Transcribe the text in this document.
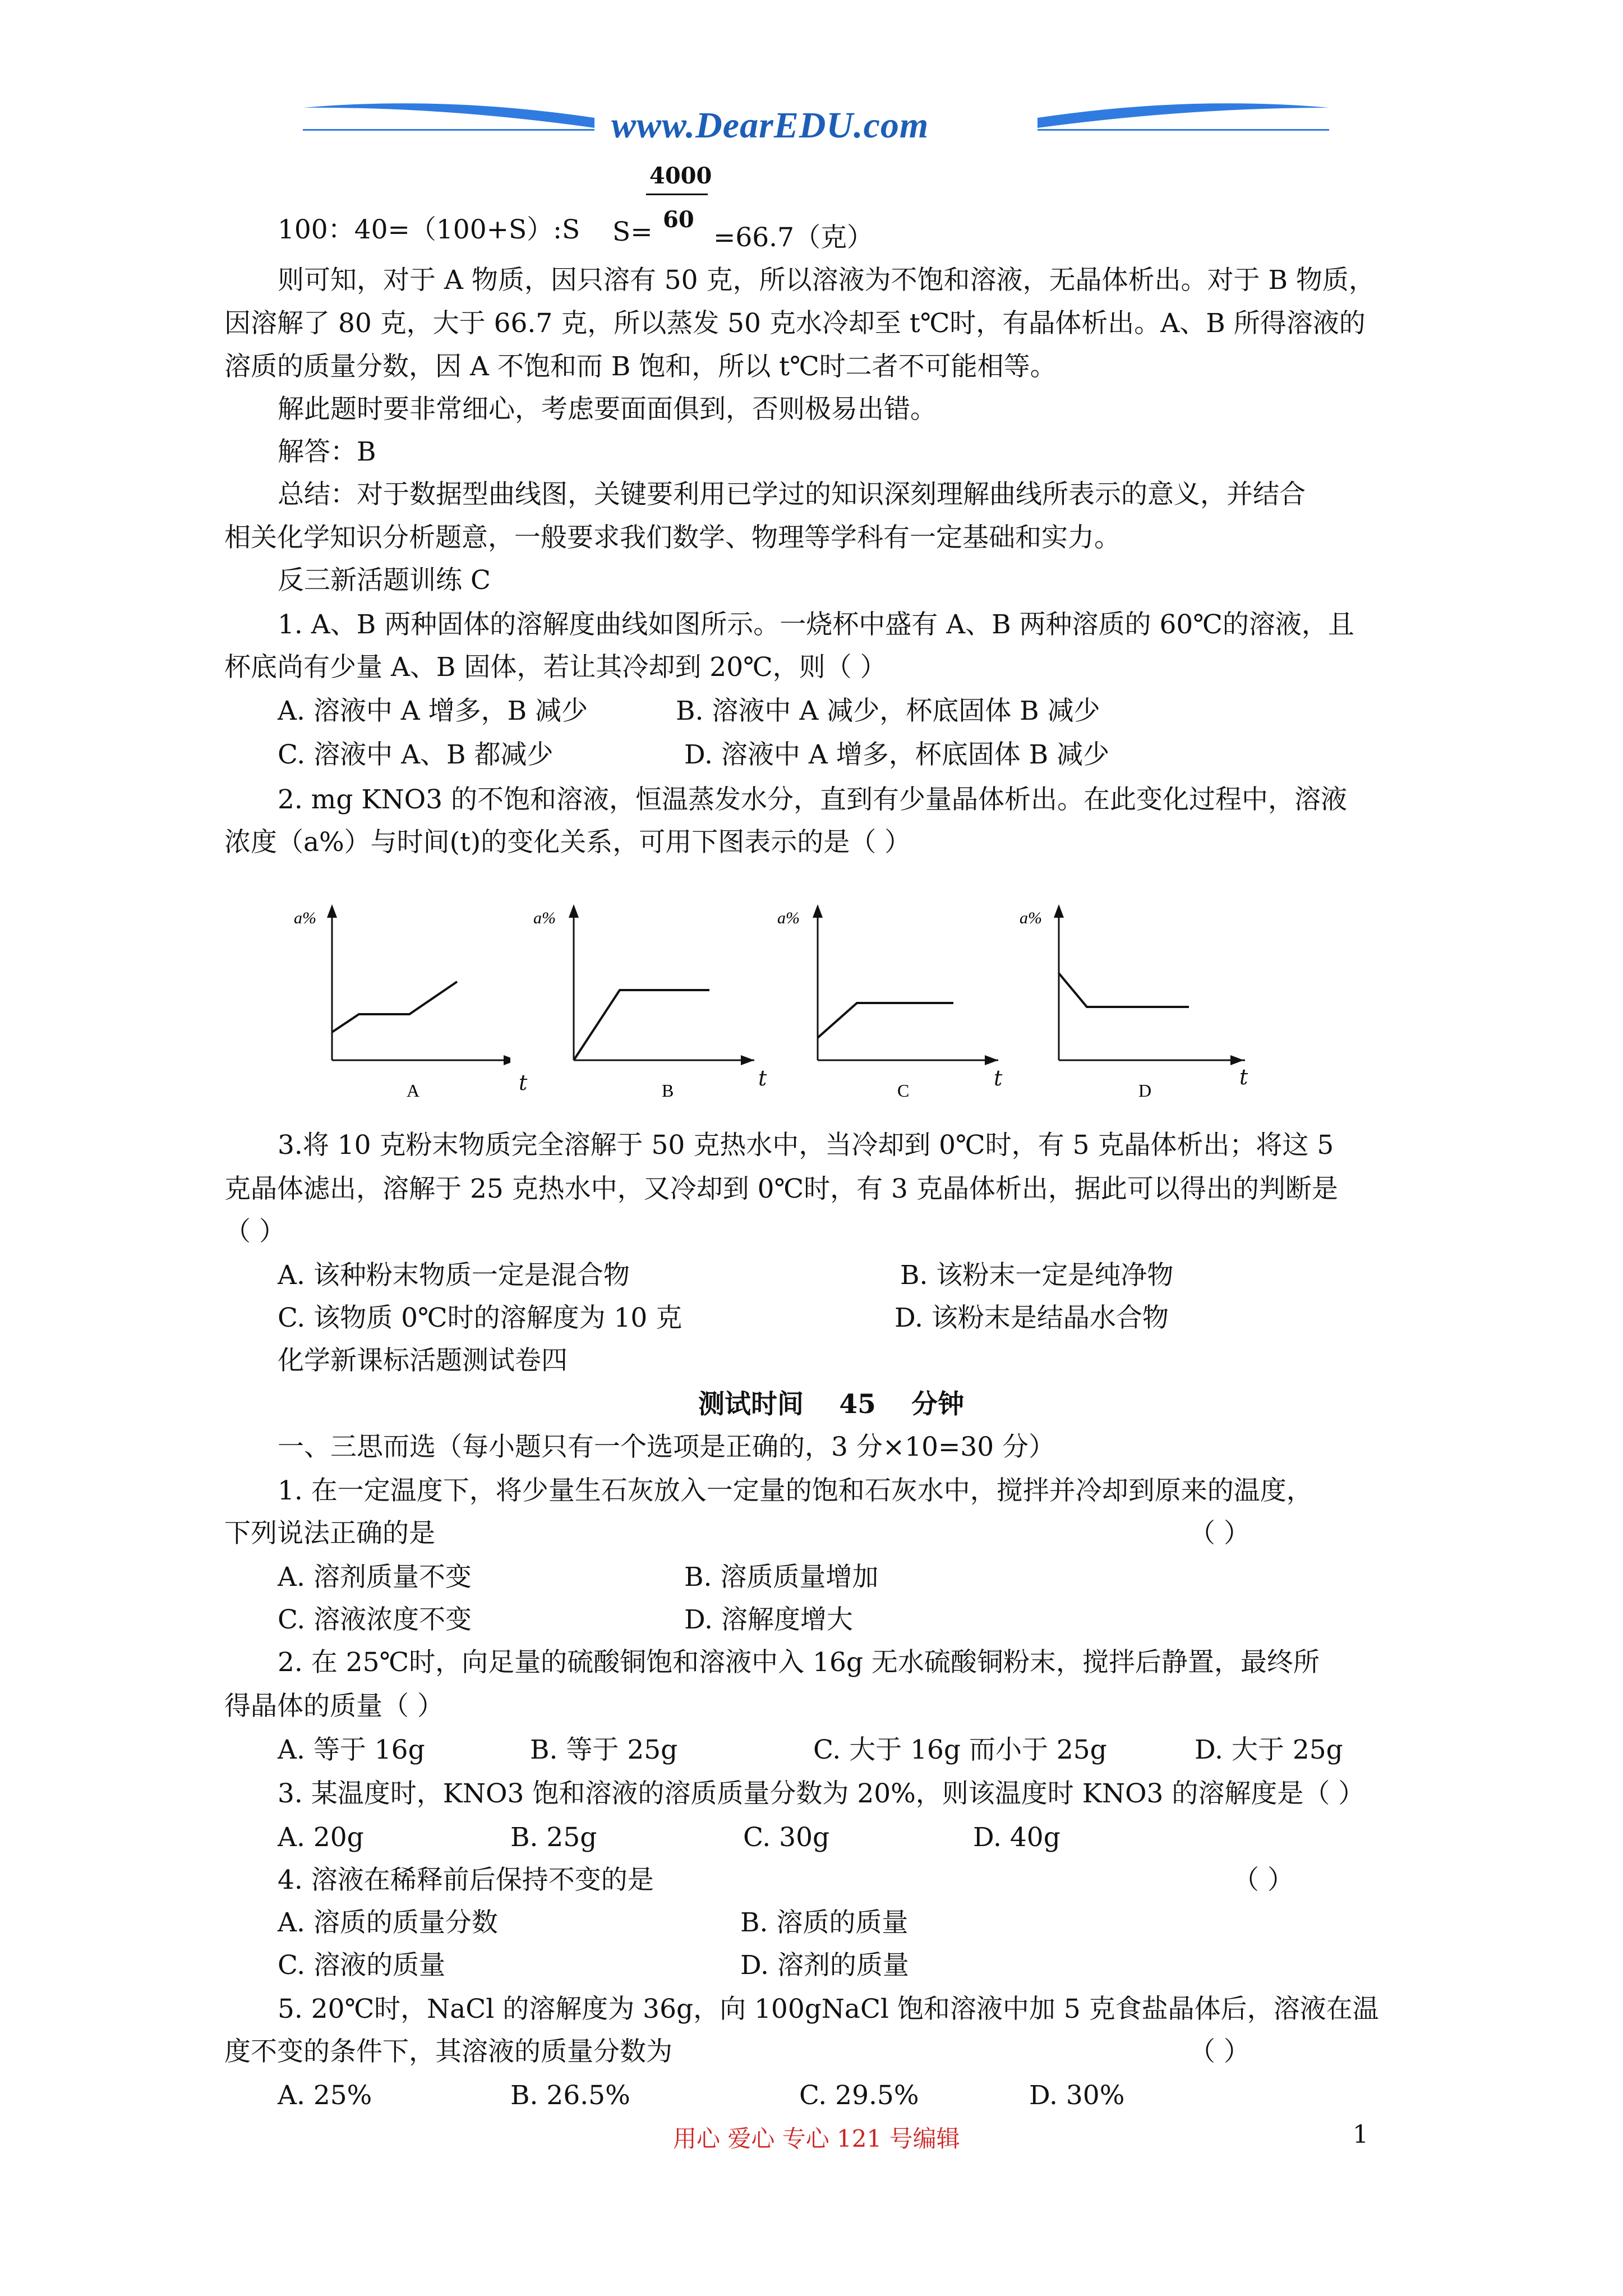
www.DearEDU.com
4000
60
100：40=（100+S）:S S= =66.7（克）
则可知，对于 A 物质，因只溶有 50 克，所以溶液为不饱和溶液，无晶体析出。对于 B 物质，
因溶解了 80 克，大于 66.7 克，所以蒸发 50 克水冷却至 t℃时，有晶体析出。A、B 所得溶液的
溶质的质量分数，因 A 不饱和而 B 饱和，所以 t℃时二者不可能相等。
解此题时要非常细心，考虑要面面俱到，否则极易出错。
解答：B
总结：对于数据型曲线图，关键要利用已学过的知识深刻理解曲线所表示的意义，并结合
相关化学知识分析题意，一般要求我们数学、物理等学科有一定基础和实力。
反三新活题训练 C
1. A、B 两种固体的溶解度曲线如图所示。一烧杯中盛有 A、B 两种溶质的 60℃的溶液，且
杯底尚有少量 A、B 固体，若让其冷却到 20℃，则（ ）
A. 溶液中 A 增多，B 减少	B. 溶液中 A 减少，杯底固体 B 减少
C. 溶液中 A、B 都减少	D. 溶液中 A 增多，杯底固体 B 减少
2. mg KNO3 的不饱和溶液，恒温蒸发水分，直到有少量晶体析出。在此变化过程中，溶液
浓度（a%）与时间(t)的变化关系，可用下图表示的是（ ）
a%
A
a%
B
a%
C
a%
D
t	t	t	t
3.将 10 克粉末物质完全溶解于 50 克热水中，当冷却到 0℃时，有 5 克晶体析出；将这 5
克晶体滤出，溶解于 25 克热水中，又冷却到 0℃时，有 3 克晶体析出，据此可以得出的判断是
（ ）
A. 该种粉末物质一定是混合物	B. 该粉末一定是纯净物
C. 该物质 0℃时的溶解度为 10 克	D. 该粉末是结晶水合物
化学新课标活题测试卷四
测试时间　 45　 分钟
一、三思而选（每小题只有一个选项是正确的，3 分×10=30 分）
1. 在一定温度下，将少量生石灰放入一定量的饱和石灰水中，搅拌并冷却到原来的温度，
下列说法正确的是	（ ）
A. 溶剂质量不变	B. 溶质质量增加
C. 溶液浓度不变	D. 溶解度增大
2. 在 25℃时，向足量的硫酸铜饱和溶液中入 16g 无水硫酸铜粉末，搅拌后静置，最终所
得晶体的质量（ ）
A. 等于 16g	B. 等于 25g	C. 大于 16g 而小于 25g	D. 大于 25g
3. 某温度时，KNO3 饱和溶液的溶质质量分数为 20%，则该温度时 KNO3 的溶解度是（ ）
A. 20g	B. 25g	C. 30g	D. 40g
4. 溶液在稀释前后保持不变的是	（ ）
A. 溶质的质量分数	B. 溶质的质量
C. 溶液的质量	D. 溶剂的质量
5. 20℃时，NaCl 的溶解度为 36g，向 100gNaCl 饱和溶液中加 5 克食盐晶体后，溶液在温
度不变的条件下，其溶液的质量分数为	（ ）
A. 25%	B. 26.5%	C. 29.5%	D. 30%
用心 爱心 专心 121 号编辑	1
